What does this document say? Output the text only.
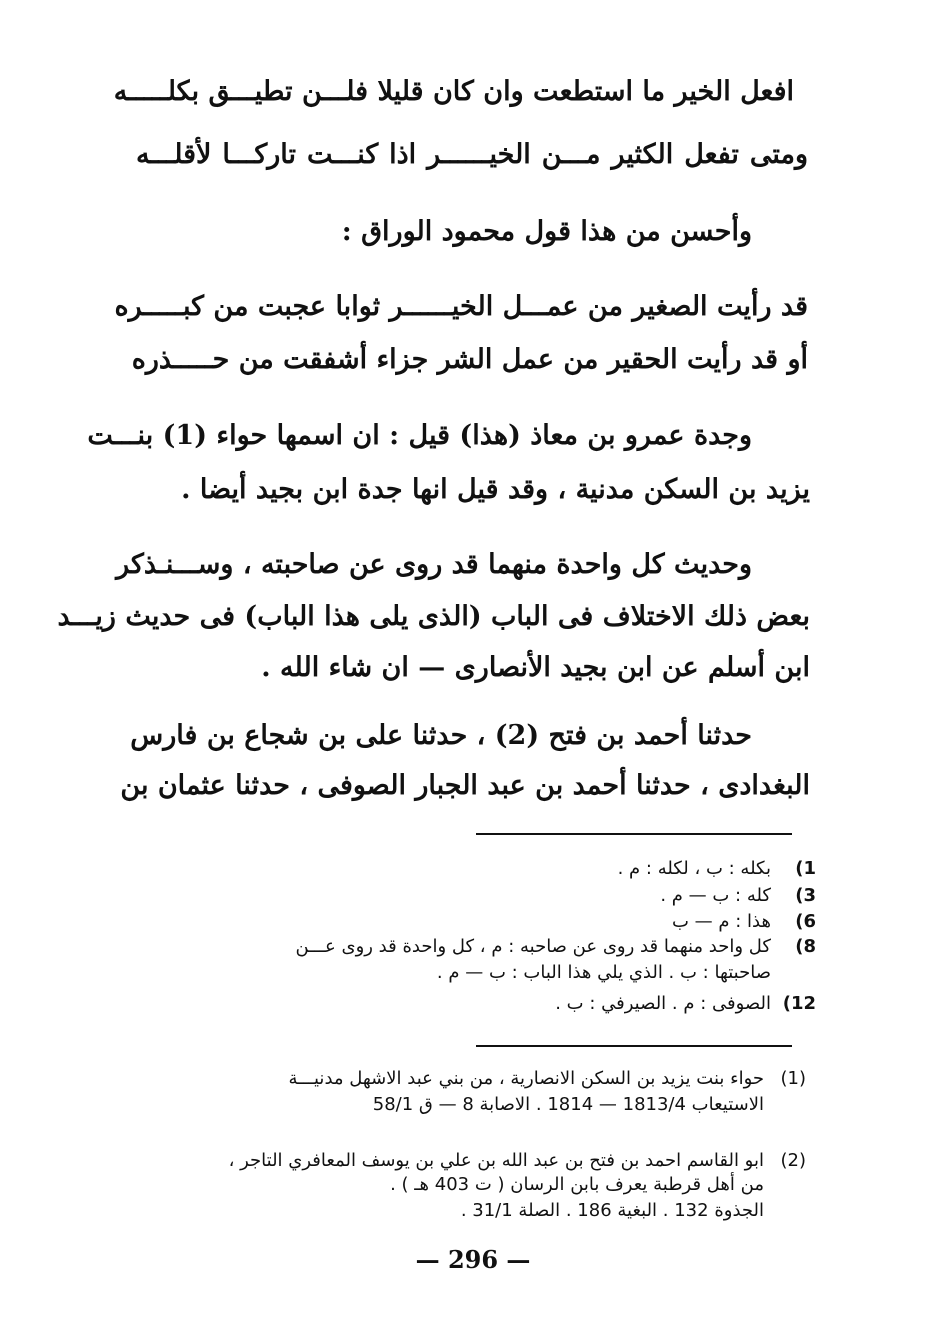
افعل الخير ما استطعت وان كان قليلا فلـــن تطيـــق بكلـــــه
ومتى تفعل الكثير مـــن الخيــــــر اذا كنـــت تاركـــا لأقلـــه
وأحسن من هذا قول محمود الوراق :
قد رأيت الصغير من عمـــل الخيــــــر ثوابا عجبت من كبـــــره
أو قد رأيت الحقير من عمل الشر جزاء أشفقت من حـــــذره
وجدة عمرو بن معاذ (هذا) قيل : ان اسمها حواء (1) بنـــت
يزيد بن السكن مدنية ، وقد قيل انها جدة ابن بجيد أيضا .
وحديث كل واحدة منهما قد روى عن صاحبته ، وســـنـذكر
بعض ذلك الاختلاف فى الباب (الذى يلى هذا الباب) فى حديث زيـــد
ابن أسلم عن ابن بجيد الأنصارى — ان شاء الله .
حدثنا أحمد بن فتح (2) ، حدثنا على بن شجاع بن فارس
البغدادى ، حدثنا أحمد بن عبد الجبار الصوفى ، حدثنا عثمان بن
1)
بكله : ب ، لكله : م .
3)
كله : ب — م .
6)
هذا : م — ب
8)
كل واحد منهما قد روى عن صاحبه : م ، كل واحدة قد روى عـــن
صاحبتها : ب . الذي يلي هذا الباب : ب — م .
12)
الصوفى : م . الصيرفي : ب .
(1)
حواء بنت يزيد بن السكن الانصارية ، من بني عبد الاشهل مدنيـــة
الاستيعاب 1813/4 — 1814 . الاصابة 8 — ق 58/1
(2)
ابو القاسم احمد بن فتح بن عبد الله بن علي بن يوسف المعافري التاجر ،
من أهل قرطبة يعرف بابن الرسان ( ت 403 هـ ) .
الجذوة 132 . البغية 186 . الصلة 31/1 .
— 296 —
